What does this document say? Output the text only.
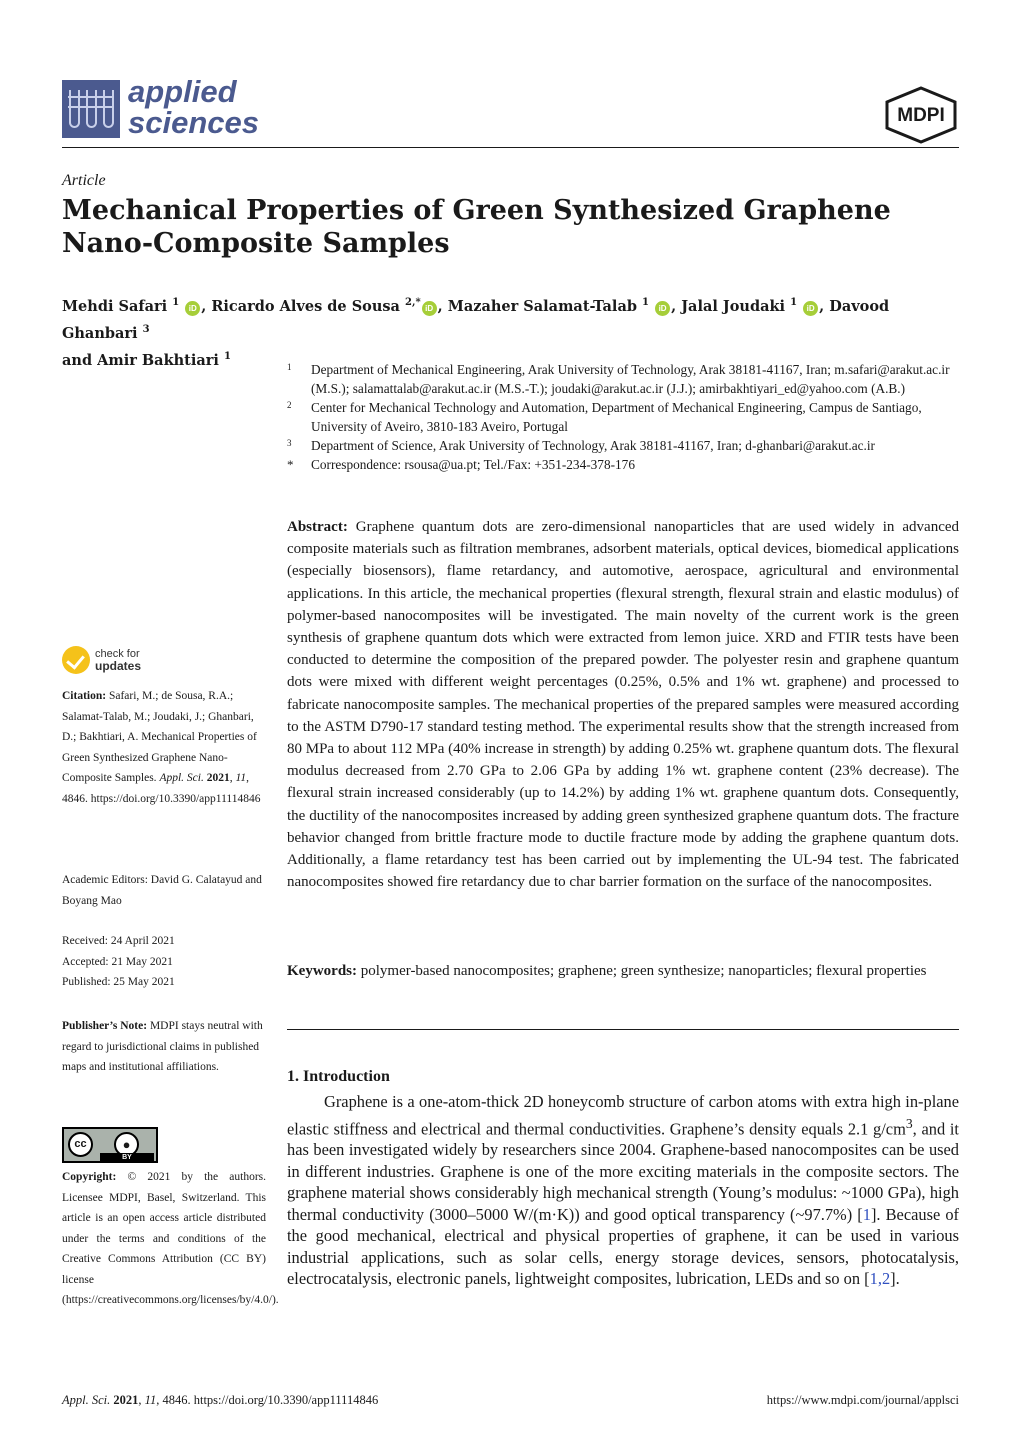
applied
sciences	MDPI
Article
Mechanical Properties of Green Synthesized Graphene Nano-Composite Samples
Mehdi Safari $^1$ iD , Ricardo Alves de Sousa $^{2,*}$iD , Mazaher Salamat-Talab $^1$ iD , Jalal Joudaki $^1$ iD , Davood Ghanbari $^3$
and Amir Bakhtiari $^1$
1 Department of Mechanical Engineering, Arak University of Technology, Arak 38181-41167, Iran; m.safari@arakut.ac.ir (M.S.); salamattalab@arakut.ac.ir (M.S.-T.); joudaki@arakut.ac.ir (J.J.); amirbakhtiyari_ed@yahoo.com (A.B.)
2 Center for Mechanical Technology and Automation, Department of Mechanical Engineering, Campus de Santiago, University of Aveiro, 3810-183 Aveiro, Portugal
3 Department of Science, Arak University of Technology, Arak 38181-41167, Iran; d-ghanbari@arakut.ac.ir
* Correspondence: rsousa@ua.pt; Tel./Fax: +351-234-378-176
Abstract: Graphene quantum dots are zero-dimensional nanoparticles that are used widely in advanced composite materials such as filtration membranes, adsorbent materials, optical devices, biomedical applications (especially biosensors), flame retardancy, and automotive, aerospace, agricultural and environmental applications. In this article, the mechanical properties (flexural strength, flexural strain and elastic modulus) of polymer-based nanocomposites will be investigated. The main novelty of the current work is the green synthesis of graphene quantum dots which were extracted from lemon juice. XRD and FTIR tests have been conducted to determine the composition of the prepared powder. The polyester resin and graphene quantum dots were mixed with different weight percentages (0.25%, 0.5% and 1% wt. graphene) and processed to fabricate nanocomposite samples. The mechanical properties of the prepared samples were measured according to the ASTM D790-17 standard testing method. The experimental results show that the strength increased from 80 MPa to about 112 MPa (40% increase in strength) by adding 0.25% wt. graphene quantum dots. The flexural modulus decreased from 2.70 GPa to 2.06 GPa by adding 1% wt. graphene content (23% decrease). The flexural strain increased considerably (up to 14.2%) by adding 1% wt. graphene quantum dots. Consequently, the ductility of the nanocomposites increased by adding green synthesized graphene quantum dots. The fracture behavior changed from brittle fracture mode to ductile fracture mode by adding the graphene quantum dots. Additionally, a flame retardancy test has been carried out by implementing the UL-94 test. The fabricated nanocomposites showed fire retardancy due to char barrier formation on the surface of the nanocomposites.
Keywords: polymer-based nanocomposites; graphene; green synthesize; nanoparticles; flexural properties
1. Introduction
Graphene is a one-atom-thick 2D honeycomb structure of carbon atoms with extra high in-plane elastic stiffness and electrical and thermal conductivities. Graphene’s density equals 2.1 $g/cm^3$, and it has been investigated widely by researchers since 2004. Graphene-based nanocomposites can be used in different industries. Graphene is one of the more exciting materials in the composite sectors. The graphene material shows considerably high mechanical strength (Young’s modulus: ~1000 GPa), high thermal conductivity (3000–5000 W/(m·K)) and good optical transparency (~97.7%) [1]. Because of the good mechanical, electrical and physical properties of graphene, it can be used in various industrial applications, such as solar cells, energy storage devices, sensors, photocatalysis, electrocatalysis, electronic panels, lightweight composites, lubrication, LEDs and so on [1,2].
check for
updates
Citation: Safari, M.; de Sousa, R.A.; Salamat-Talab, M.; Joudaki, J.; Ghanbari, D.; Bakhtiari, A. Mechanical Properties of Green Synthesized Graphene Nano-Composite Samples. Appl. Sci. 2021, 11, 4846. https://doi.org/10.3390/app11114846
Academic Editors: David G. Calatayud and Boyang Mao
Received: 24 April 2021
Accepted: 21 May 2021
Published: 25 May 2021
Publisher’s Note: MDPI stays neutral with regard to jurisdictional claims in published maps and institutional affiliations.
cc	●
BY
Copyright: © 2021 by the authors. Licensee MDPI, Basel, Switzerland. This article is an open access article distributed under the terms and conditions of the Creative Commons Attribution (CC BY) license (https://creativecommons.org/licenses/by/4.0/).
Appl. Sci. 2021, 11, 4846. https://doi.org/10.3390/app11114846	https://www.mdpi.com/journal/applsci
